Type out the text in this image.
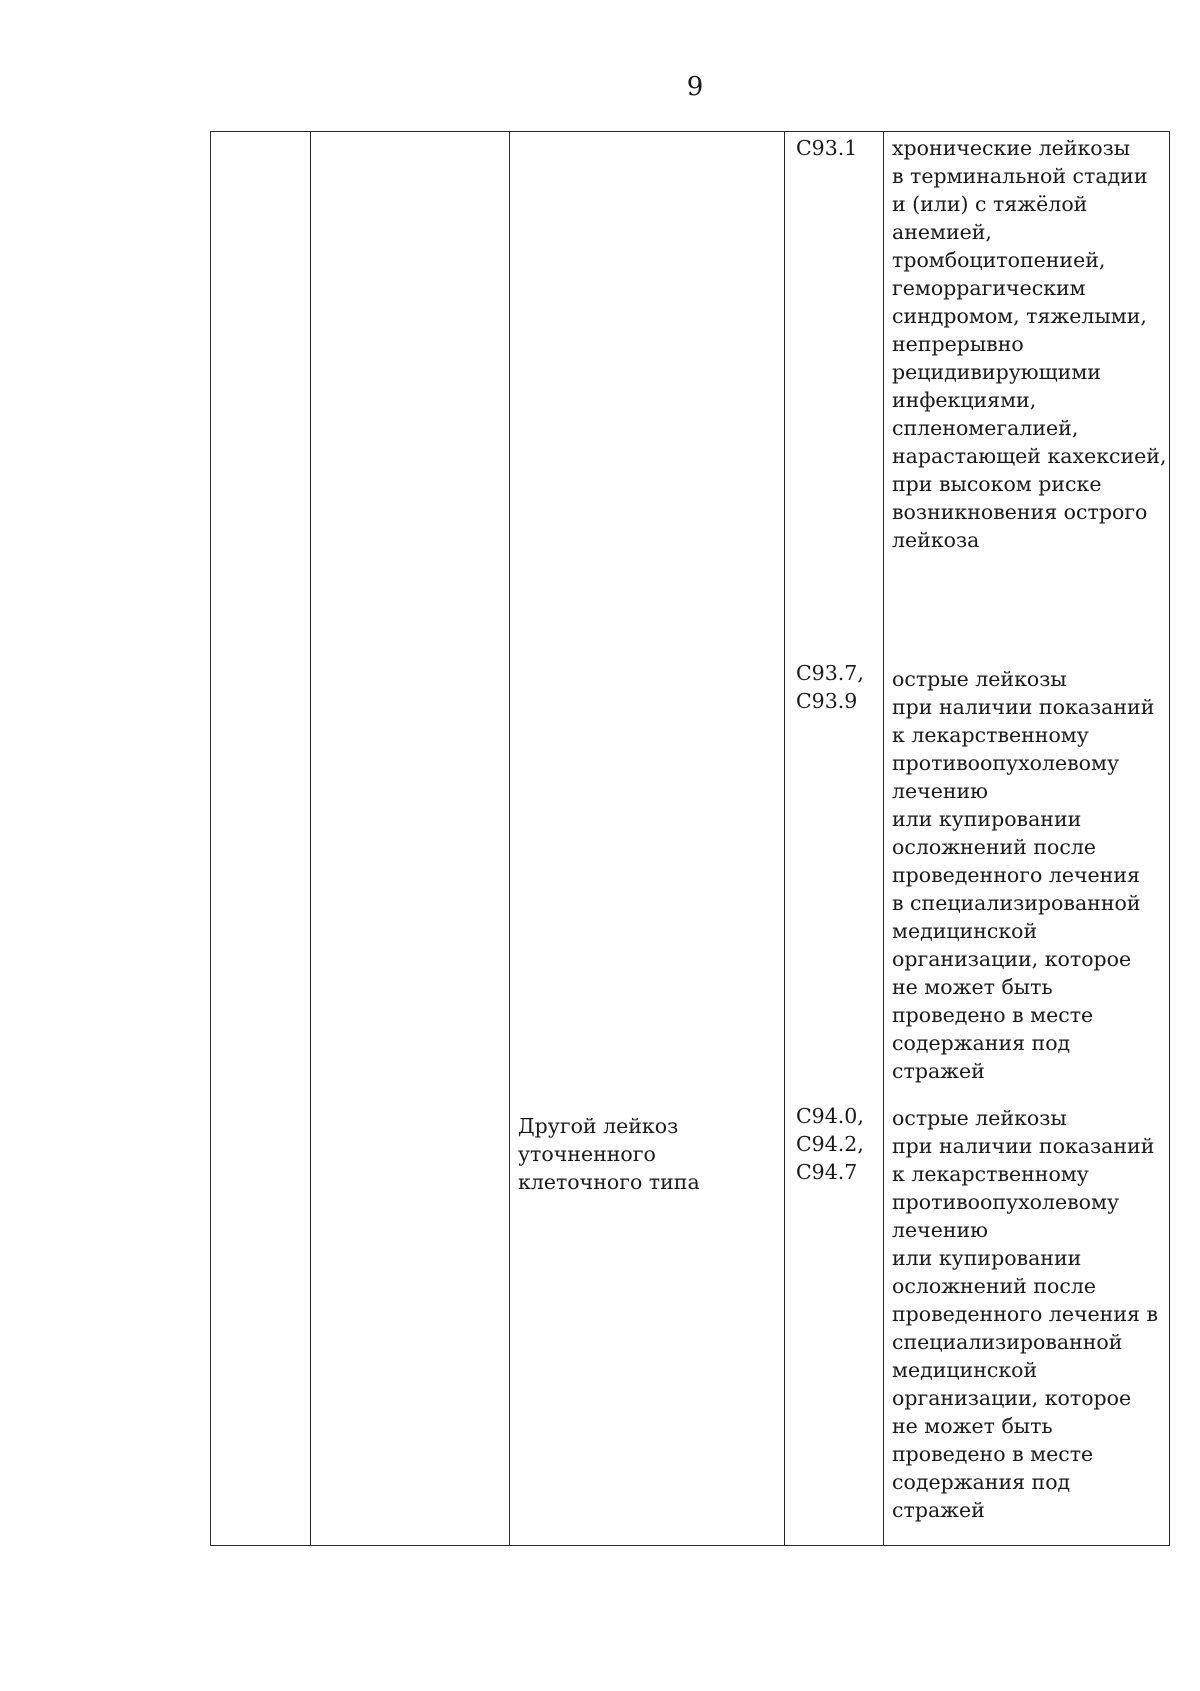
9
C93.1	хронические лейкозы
в терминальной стадии
и (или) с тяжёлой
анемией,
тромбоцитопенией,
геморрагическим
синдромом, тяжелыми,
непрерывно
рецидивирующими
инфекциями,
спленомегалией,
нарастающей кахексией,
при высоком риске
возникновения острого
лейкоза
C93.7,
C93.9
острые лейкозы
при наличии показаний
к лекарственному
противоопухолевому
лечению
или купировании
осложнений после
проведенного лечения
в специализированной
медицинской
организации, которое
не может быть
проведено в месте
содержания под стражей
Другой лейкоз
уточненного
клеточного типа
C94.0,
C94.2,
C94.7
острые лейкозы
при наличии показаний
к лекарственному
противоопухолевому
лечению
или купировании
осложнений после
проведенного лечения в
специализированной
медицинской
организации, которое
не может быть
проведено в месте
содержания под стражей
